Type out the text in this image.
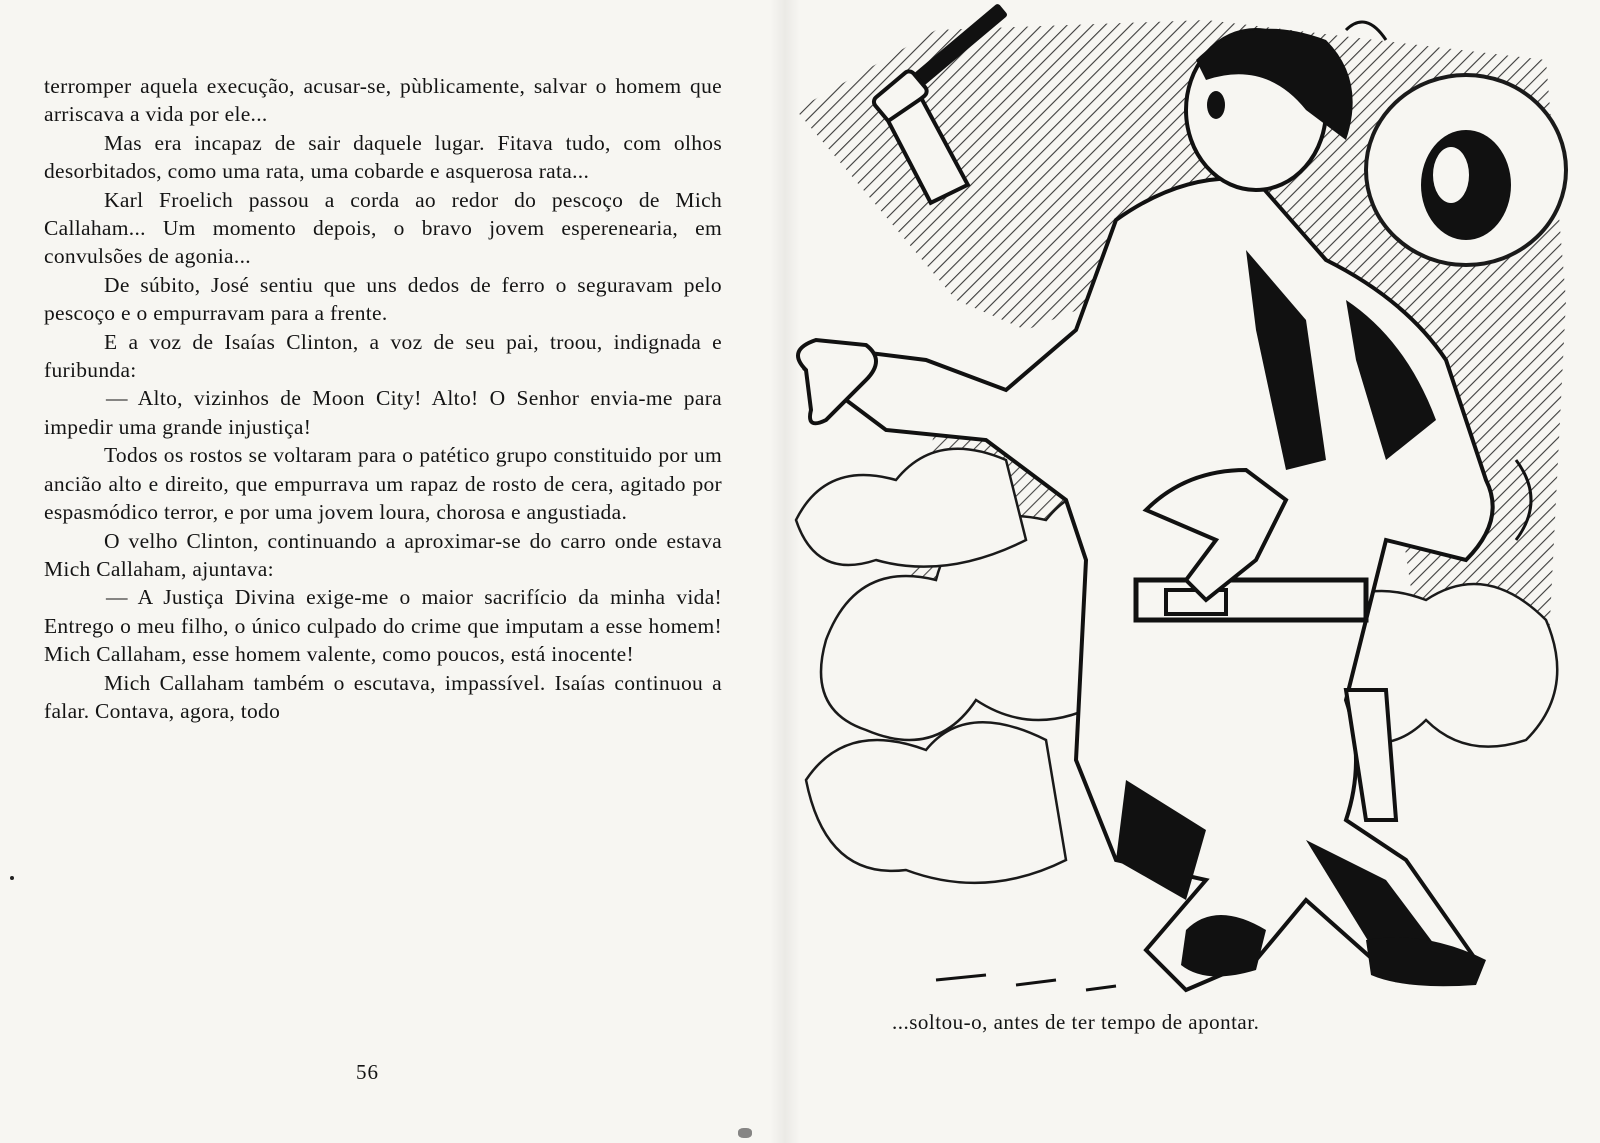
terromper aquela execução, acusar-se, pùblicamente, salvar o homem que arriscava a vida por ele...

Mas era incapaz de sair daquele lugar. Fitava tudo, com olhos desorbitados, como uma rata, uma cobarde e asquerosa rata...

Karl Froelich passou a corda ao redor do pescoço de Mich Callaham... Um momento depois, o bravo jovem esperenearia, em convulsões de agonia...

De súbito, José sentiu que uns dedos de ferro o seguravam pelo pescoço e o empurravam para a frente.

E a voz de Isaías Clinton, a voz de seu pai, troou, indignada e furibunda:

— Alto, vizinhos de Moon City! Alto! O Senhor envia-me para impedir uma grande injustiça!

Todos os rostos se voltaram para o patético grupo constituido por um ancião alto e direito, que empurrava um rapaz de rosto de cera, agitado por espasmódico terror, e por uma jovem loura, chorosa e angustiada.

O velho Clinton, continuando a aproximar-se do carro onde estava Mich Callaham, ajuntava:

— A Justiça Divina exige-me o maior sacrifício da minha vida! Entrego o meu filho, o único culpado do crime que imputam a esse homem! Mich Callaham, esse homem valente, como poucos, está inocente!

Mich Callaham também o escutava, impassível. Isaías continuou a falar. Contava, agora, todo

56
...soltou-o, antes de ter tempo de apontar.
